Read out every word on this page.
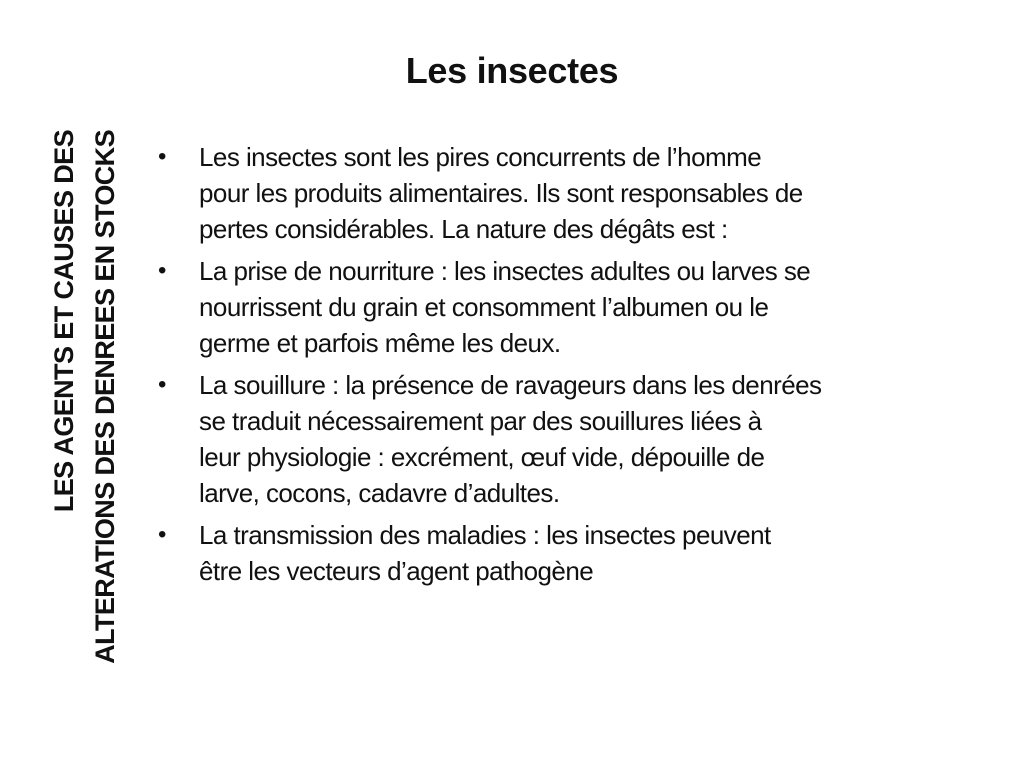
Les insectes
LES AGENTS ET CAUSES DES ALTERATIONS DES DENREES EN STOCKS •	Les insectes sont les pires concurrents de l’homme
pour les produits alimentaires. Ils sont responsables de
pertes considérables. La nature des dégâts est :
•	La prise de nourriture : les insectes adultes ou larves se
nourrissent du grain et consomment l’albumen ou le
germe et parfois même les deux.
•	La souillure : la présence de ravageurs dans les denrées
se traduit nécessairement par des souillures liées à
leur physiologie : excrément, œuf vide, dépouille de
larve, cocons, cadavre d’adultes.
•	La transmission des maladies : les insectes peuvent
être les vecteurs d’agent pathogène
